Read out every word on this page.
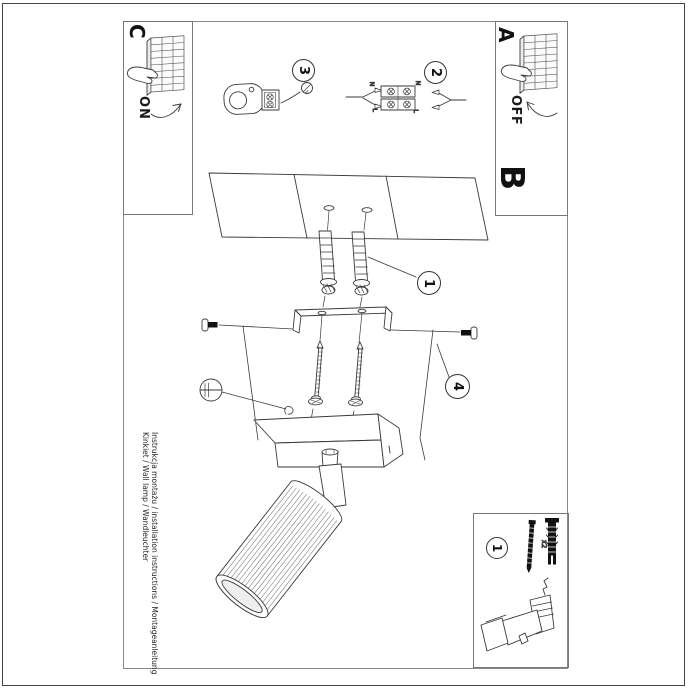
N	N
L	L
x2
C	A
B
ON	OFF
3	2
1
4
1
Instrukcja montażu / installation instructions / Montageanleitung
Kinkiet / Wall lamp / Wandleuchter
